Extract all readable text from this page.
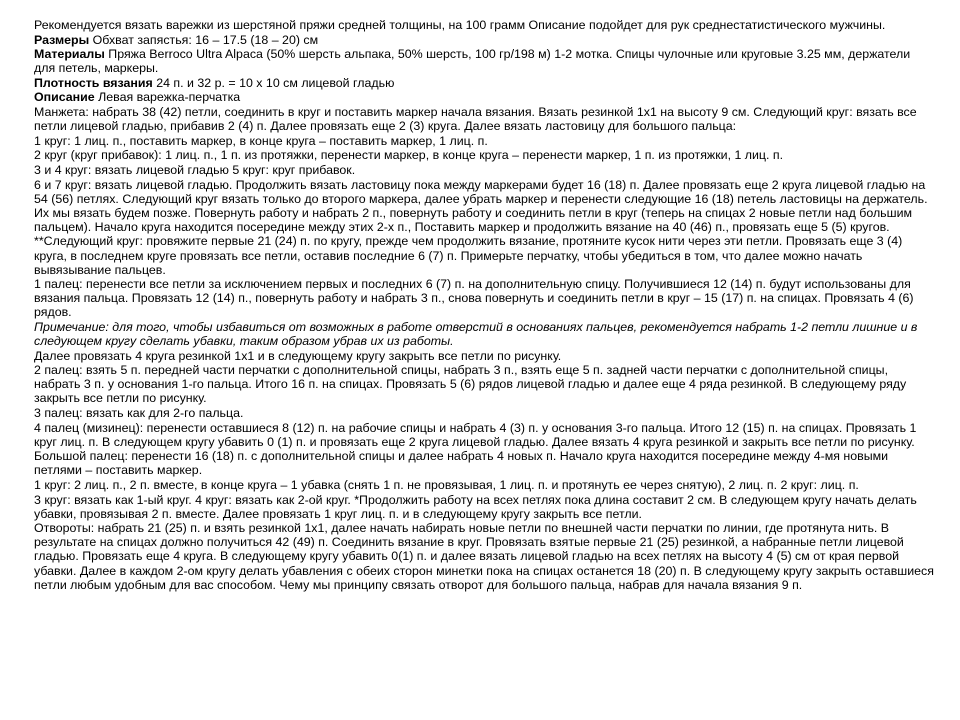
Рекомендуется вязать варежки из шерстяной пряжи средней толщины, на 100 грамм Описание подойдет для рук среднестатистического мужчины.

Размеры Обхват запястья: 16 – 17.5 (18 – 20) см

Материалы Пряжа Berroco Ultra Alpaca (50% шерсть альпака, 50% шерсть, 100 гр/198 м) 1-2 мотка. Спицы чулочные или круговые 3.25 мм, держатели для петель, маркеры.

Плотность вязания 24 п. и 32 р. = 10 х 10 см лицевой гладью

Описание Левая варежка-перчатка

Манжета: набрать 38 (42) петли, соединить в круг и поставить маркер начала вязания. Вязать резинкой 1х1 на высоту 9 см. Следующий круг: вязать все петли лицевой гладью, прибавив 2 (4) п. Далее провязать еще 2 (3) круга. Далее вязать ластовицу для большого пальца:

1 круг: 1 лиц. п., поставить маркер, в конце круга – поставить маркер, 1 лиц. п.

2 круг (круг прибавок): 1 лиц. п., 1 п. из протяжки, перенести маркер, в конце круга – перенести маркер, 1 п. из протяжки, 1 лиц. п.

3 и 4 круг: вязать лицевой гладью 5 круг: круг прибавок.

6 и 7 круг: вязать лицевой гладью. Продолжить вязать ластовицу пока между маркерами будет 16 (18) п. Далее провязать еще 2 круга лицевой гладью на 54 (56) петлях. Следующий круг вязать только до второго маркера, далее убрать маркер и перенести следующие 16 (18) петель ластовицы на держатель. Их мы вязать будем позже. Повернуть работу и набрать 2 п., повернуть работу и соединить петли в круг (теперь на спицах 2 новые петли над большим пальцем). Начало круга находится посередине между этих 2-х п., Поставить маркер и продолжить вязание на 40 (46) п., провязать еще 5 (5) кругов.

**Следующий круг: провяжите первые 21 (24) п. по кругу, прежде чем продолжить вязание, протяните кусок нити через эти петли. Провязать еще 3 (4) круга, в последнем круге провязать все петли, оставив последние 6 (7) п. Примерьте перчатку, чтобы убедиться в том, что далее можно начать вывязывание пальцев.

1 палец: перенести все петли за исключением первых и последних 6 (7) п. на дополнительную спицу. Получившиеся 12 (14) п. будут использованы для вязания пальца. Провязать 12 (14) п., повернуть работу и набрать 3 п., снова повернуть и соединить петли в круг – 15 (17) п. на спицах. Провязать 4 (6) рядов.

Примечание: для того, чтобы избавиться от возможных в работе отверстий в основаниях пальцев, рекомендуется набрать 1-2 петли лишние и в следующем кругу сделать убавки, таким образом убрав их из работы.

Далее провязать 4 круга резинкой 1х1 и в следующему кругу закрыть все петли по рисунку.

2 палец: взять 5 п. передней части перчатки с дополнительной спицы, набрать 3 п., взять еще 5 п. задней части перчатки с дополнительной спицы, набрать 3 п. у основания 1-го пальца. Итого 16 п. на спицах. Провязать 5 (6) рядов лицевой гладью и далее еще 4 ряда резинкой. В следующему ряду закрыть все петли по рисунку.

3 палец: вязать как для 2-го пальца.

4 палец (мизинец): перенести оставшиеся 8 (12) п. на рабочие спицы и набрать 4 (3) п. у основания 3-го пальца. Итого 12 (15) п. на спицах. Провязать 1 круг лиц. п. В следующем кругу убавить 0 (1) п. и провязать еще 2 круга лицевой гладью. Далее вязать 4 круга резинкой и закрыть все петли по рисунку.

Большой палец: перенести 16 (18) п. с дополнительной спицы и далее набрать 4 новых п. Начало круга находится посередине между 4-мя новыми петлями – поставить маркер.

1 круг: 2 лиц. п., 2 п. вместе, в конце круга – 1 убавка (снять 1 п. не провязывая, 1 лиц. п. и протянуть ее через снятую), 2 лиц. п. 2 круг: лиц. п.

3 круг: вязать как 1-ый круг. 4 круг: вязать как 2-ой круг. *Продолжить работу на всех петлях пока длина составит 2 см. В следующем кругу начать делать убавки, провязывая 2 п. вместе. Далее провязать 1 круг лиц. п. и в следующему кругу закрыть все петли.

Отвороты: набрать 21 (25) п. и взять резинкой 1х1, далее начать набирать новые петли по внешней части перчатки по линии, где протянута нить. В результате на спицах должно получиться 42 (49) п. Соединить вязание в круг. Провязать взятые первые 21 (25) резинкой, а набранные петли лицевой гладью. Провязать еще 4 круга. В следующему кругу убавить 0(1) п. и далее вязать лицевой гладью на всех петлях на высоту 4 (5) см от края первой убавки. Далее в каждом 2-ом кругу делать убавления с обеих сторон минетки пока на спицах останется 18 (20) п. В следующему кругу закрыть оставшиеся петли любым удобным для вас способом. Чему мы принципу связать отворот для большого пальца, набрав для начала вязания 9 п.
